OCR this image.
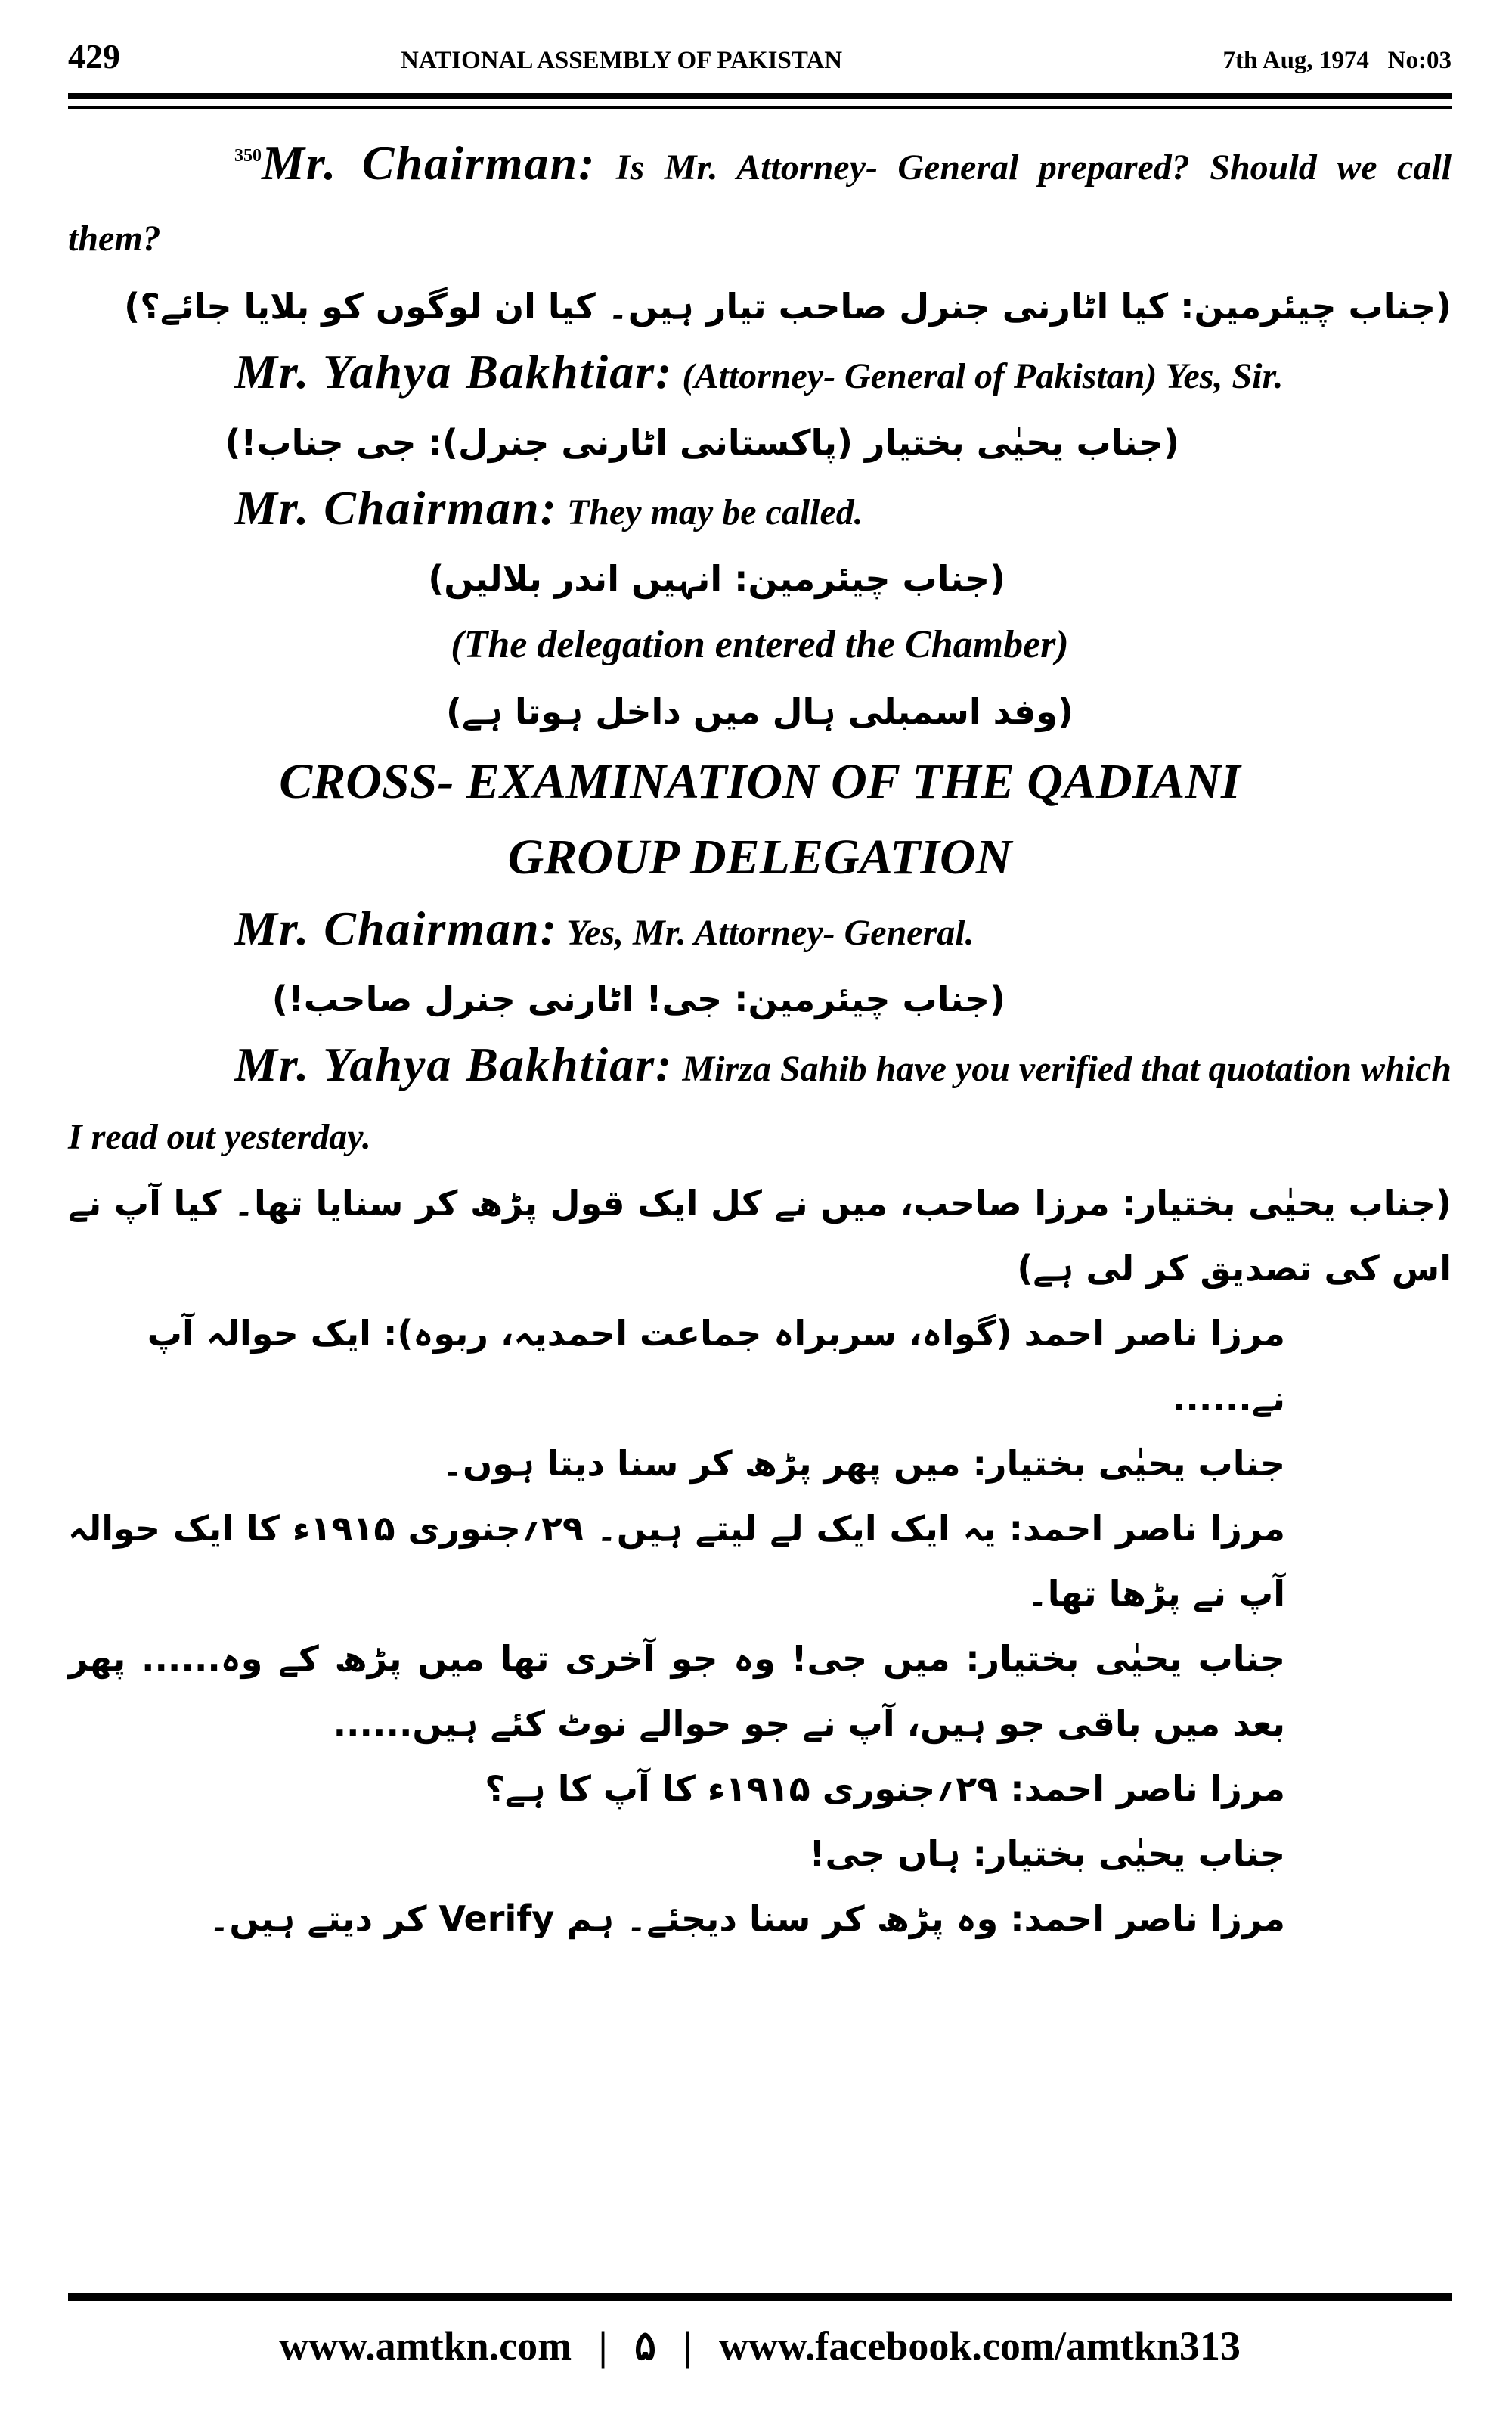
429	NATIONAL ASSEMBLY OF PAKISTAN	7th Aug, 1974   No:03

$^{350}$Mr. Chairman: Is Mr. Attorney- General prepared? Should we call them?

(جناب چیئرمین: کیا اٹارنی جنرل صاحب تیار ہیں۔ کیا ان لوگوں کو بلایا جائے؟)

Mr. Yahya Bakhtiar: (Attorney- General of Pakistan) Yes, Sir.

(جناب یحیٰی بختیار (پاکستانی اٹارنی جنرل): جی جناب!)

Mr. Chairman: They may be called.

(جناب چیئرمین: انہیں اندر بلالیں)

(The delegation entered the Chamber)

(وفد اسمبلی ہال میں داخل ہوتا ہے)

CROSS- EXAMINATION OF THE QADIANI

GROUP DELEGATION

Mr. Chairman: Yes, Mr. Attorney- General.

(جناب چیئرمین: جی! اٹارنی جنرل صاحب!)

Mr. Yahya Bakhtiar: Mirza Sahib have you verified that quotation which I read out yesterday.

(جناب یحیٰی بختیار: مرزا صاحب، میں نے کل ایک قول پڑھ کر سنایا تھا۔ کیا آپ نے اس کی تصدیق کر لی ہے)

مرزا ناصر احمد (گواہ، سربراہ جماعت احمدیہ، ربوہ): ایک حوالہ آپ نے......

جناب یحیٰی بختیار: میں پھر پڑھ کر سنا دیتا ہوں۔

مرزا ناصر احمد: یہ ایک ایک لے لیتے ہیں۔ ۲۹؍جنوری ۱۹۱۵ء کا ایک حوالہ آپ نے پڑھا تھا۔

جناب یحیٰی بختیار: میں جی! وہ جو آخری تھا میں پڑھ کے وہ...... پھر بعد میں باقی جو ہیں، آپ نے جو حوالے نوٹ کئے ہیں......

مرزا ناصر احمد: ۲۹؍جنوری ۱۹۱۵ء کا آپ کا ہے؟

جناب یحیٰی بختیار: ہاں جی!

مرزا ناصر احمد: وہ پڑھ کر سنا دیجئے۔ ہم Verify کر دیتے ہیں۔

www.amtkn.com | ۵ | www.facebook.com/amtkn313
